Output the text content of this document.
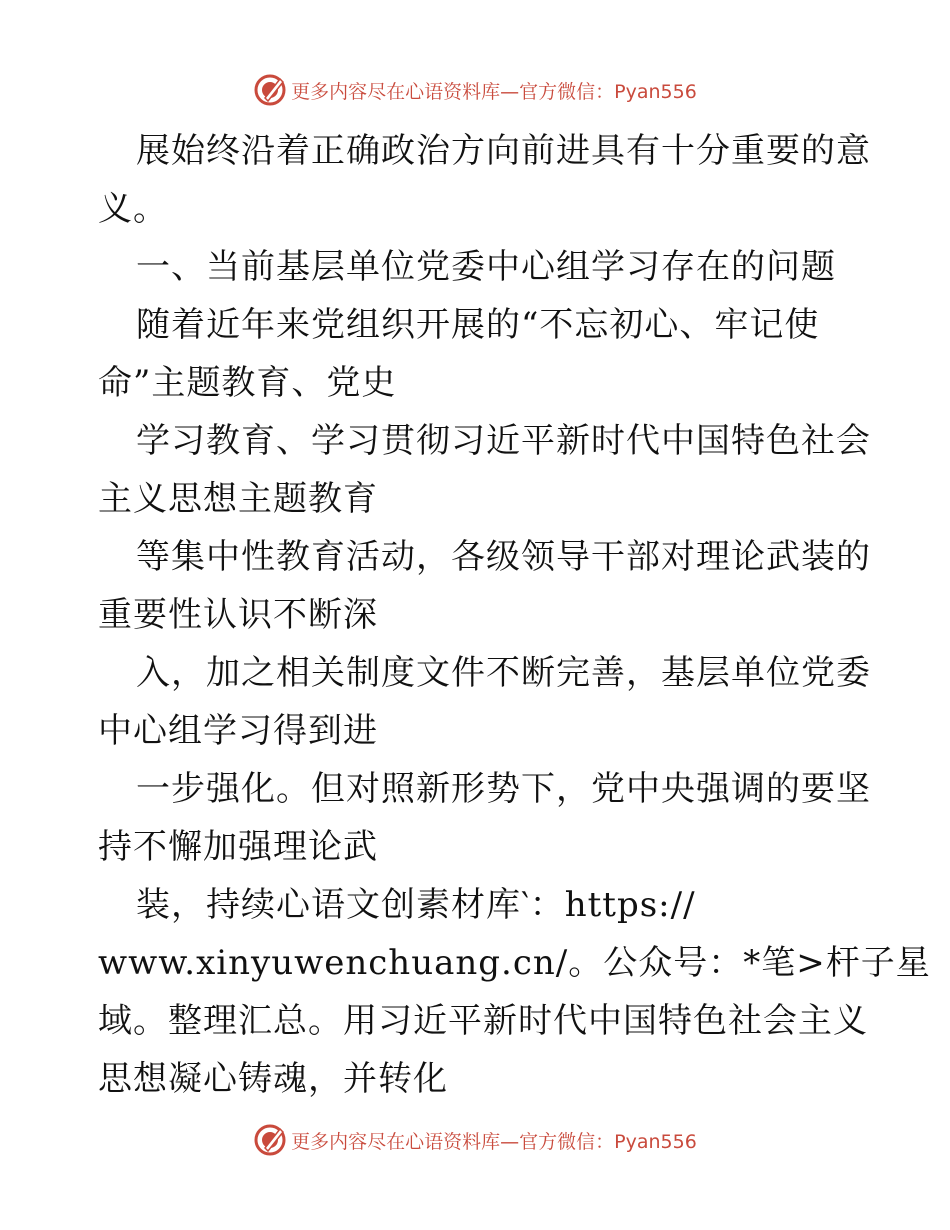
更多内容尽在心语资料库—官方微信：Pyan556
展始终沿着正确政治方向前进具有十分重要的意
义。
一、当前基层单位党委中心组学习存在的问题
随着近年来党组织开展的“不忘初心、牢记使
命”主题教育、党史
学习教育、学习贯彻习近平新时代中国特色社会
主义思想主题教育
等集中性教育活动，各级领导干部对理论武装的
重要性认识不断深
入，加之相关制度文件不断完善，基层单位党委
中心组学习得到进
一步强化。但对照新形势下，党中央强调的要坚
持不懈加强理论武
装，持续心语文创素材库‵：https://
www.xinyuwenchuang.cn/。公众号：*笔>杆子星
域。整理汇总。用习近平新时代中国特色社会主义
思想凝心铸魂，并转化
更多内容尽在心语资料库—官方微信：Pyan556
